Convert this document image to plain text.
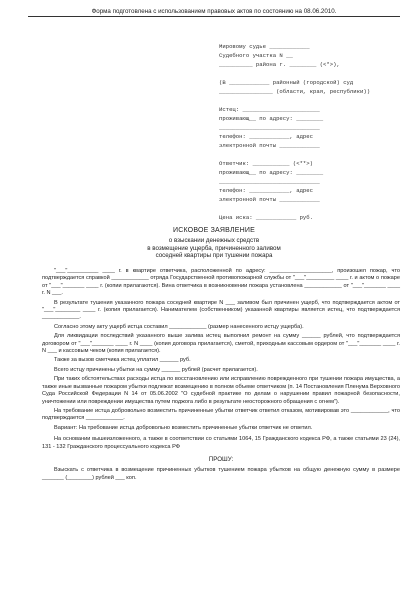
Форма подготовлена с использованием правовых актов по состоянию на 08.06.2010.
Мировому судье ____________
Судебного участка N __
__________ района г. ________ (<*>),
(В ____________ районный (городской) суд
________________ (области, края, республики))
Истец: _______________________
проживающ__ по адресу: ________
______________________________
телефон: ____________, адрес
электронной почты ____________
Ответчик: ___________ (<**>)
проживающ__ по адресу: ________
______________________________
телефон: ____________, адрес
электронной почты ____________
Цена иска: ____________ руб.
ИСКОВОЕ ЗАЯВЛЕНИЕ
о взыскании денежных средств
в возмещение ущерба, причиненного заливом
соседней квартиры при тушении пожара

"___"__________ ____ г. в квартире ответчика, расположенной по адресу: ____________________, произошел пожар, что подтверждается справкой ____________ отряда Государственной противопожарной службы от "___"_________ ____ г. и актом о пожаре от "___"_______ ____ г. (копии прилагаются). Вина ответчика в возникновении пожара установлена ____________ от "___"_______ ____ г. N ___.

В результате тушения указанного пожара соседней квартире N ___ заливом был причинен ущерб, что подтверждается актом от "___"________ ____ г. (копия прилагается). Нанимателем (собственником) указанной квартиры является истец, что подтверждается ____________.

Согласно этому акту ущерб истца составил ____________ (размер нанесенного истцу ущерба).

Для ликвидации последствий указанного выше залива истец выполнил ремонт на сумму ______ рублей, что подтверждается договором от "___"_______ ____ г. N ____ (копия договора прилагается), сметой, приходным кассовым ордером от "___"_______ ____ г. N ___ и кассовым чеком (копия прилагается).

Также за вызов сметчика истец уплатил ______ руб.

Всего истцу причинены убытки на сумму ______ рублей (расчет прилагается).

При таких обстоятельствах расходы истца по восстановлению или исправлению поврежденного при тушении пожара имущества, а также иные вызванные пожаром убытки подлежат возмещению в полном объеме ответчиком (п. 14 Постановления Пленума Верховного Суда Российской Федерации N 14 от 05.06.2002 "О судебной практике по делам о нарушении правил пожарной безопасности, уничтожении или повреждении имущества путем поджога либо в результате неосторожного обращения с огнем").

На требование истца добровольно возместить причиненные убытки ответчик ответил отказом, мотивировав это ____________, что подтверждается ____________.

Вариант: На требование истца добровольно возместить причиненные убытки ответчик не ответил.

На основании вышеизложенного, а также в соответствии со статьями 1064, 15 Гражданского кодекса РФ, а также статьями 23 (24), 131 - 132 Гражданского процессуального кодекса РФ

ПРОШУ:

Взыскать с ответчика в возмещение причиненных убытков тушением пожара убытков на общую денежную сумму в размере _______ (________) рублей ___ коп.
